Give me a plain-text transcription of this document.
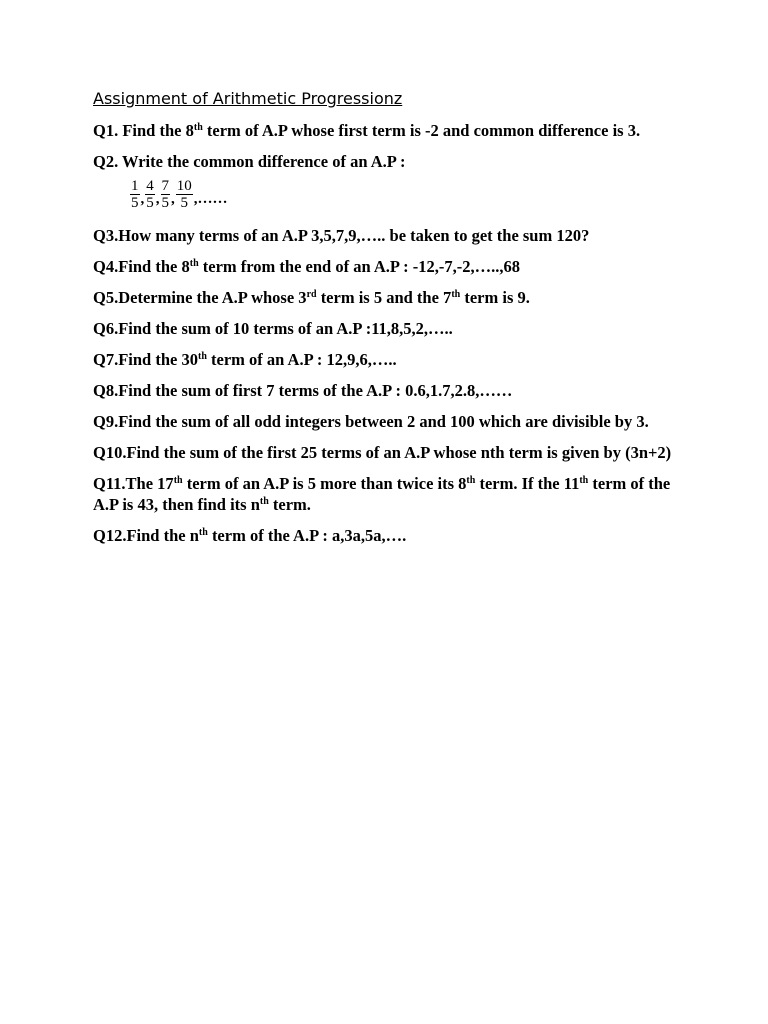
Assignment of Arithmetic Progressionz
Q1. Find the 8th term of A.P whose first term is -2 and common difference is 3.
Q2. Write the common difference of an A.P :
$\frac{1}{5}$ , $\frac{4}{5}$ , $\frac{7}{5}$ , $\frac{10}{5}$ ,……
Q3.How many terms of an A.P 3,5,7,9,….. be taken to get the sum 120?
Q4.Find the 8th term from the end of an A.P : -12,-7,-2,…..,68
Q5.Determine the A.P whose 3rd term is 5 and the 7th term is 9.
Q6.Find the sum of 10 terms of an A.P :11,8,5,2,…..
Q7.Find the 30th term of an A.P : 12,9,6,…..
Q8.Find the sum of first 7 terms of the A.P : 0.6,1.7,2.8,……
Q9.Find the sum of all odd integers between 2 and 100 which are divisible by 3.
Q10.Find the sum of the first 25 terms of an A.P whose nth term is given by (3n+2)
Q11.The 17th term of an A.P is 5 more than twice its 8th term. If the 11th term of the A.P is 43, then find its $n^{th}$ term.
Q12.Find the $n^{th}$ term of the A.P : a,3a,5a,….
